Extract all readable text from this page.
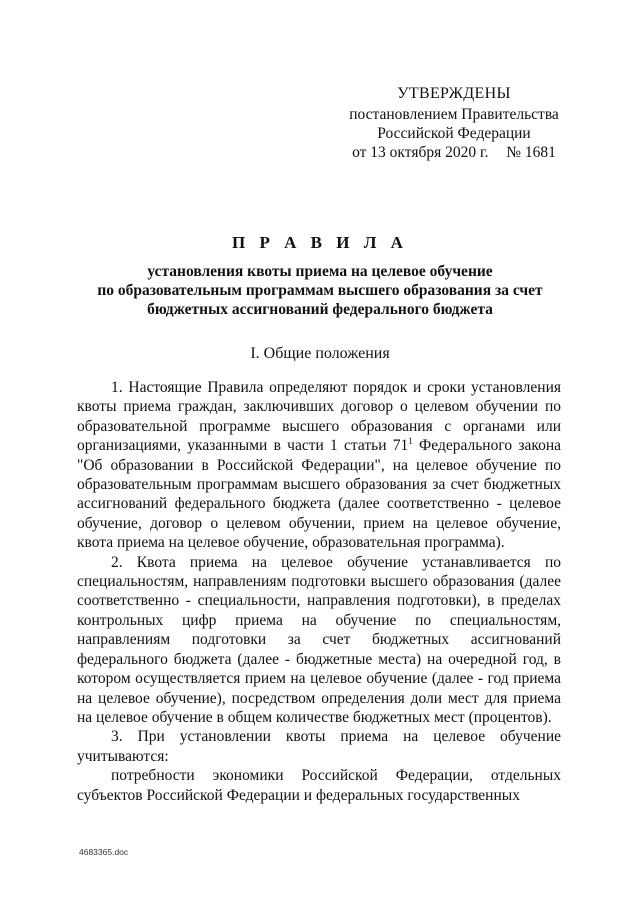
УТВЕРЖДЕНЫ
постановлением Правительства
Российской Федерации
от 13 октября 2020 г. № 1681
П Р А В И Л А
установления квоты приема на целевое обучение
по образовательным программам высшего образования за счет
бюджетных ассигнований федерального бюджета
I. Общие положения

1. Настоящие Правила определяют порядок и сроки установления квоты приема граждан, заключивших договор о целевом обучении по образовательной программе высшего образования с органами или организациями, указанными в части 1 статьи $71^1$ Федерального закона "Об образовании в Российской Федерации", на целевое обучение по образовательным программам высшего образования за счет бюджетных ассигнований федерального бюджета (далее соответственно - целевое обучение, договор о целевом обучении, прием на целевое обучение, квота приема на целевое обучение, образовательная программа).

2. Квота приема на целевое обучение устанавливается по специальностям, направлениям подготовки высшего образования (далее соответственно - специальности, направления подготовки), в пределах контрольных цифр приема на обучение по специальностям, направлениям подготовки за счет бюджетных ассигнований федерального бюджета (далее - бюджетные места) на очередной год, в котором осуществляется прием на целевое обучение (далее - год приема на целевое обучение), посредством определения доли мест для приема на целевое обучение в общем количестве бюджетных мест (процентов).

3. При установлении квоты приема на целевое обучение учитываются:

потребности экономики Российской Федерации, отдельных субъектов Российской Федерации и федеральных государственных

4683365.doc
